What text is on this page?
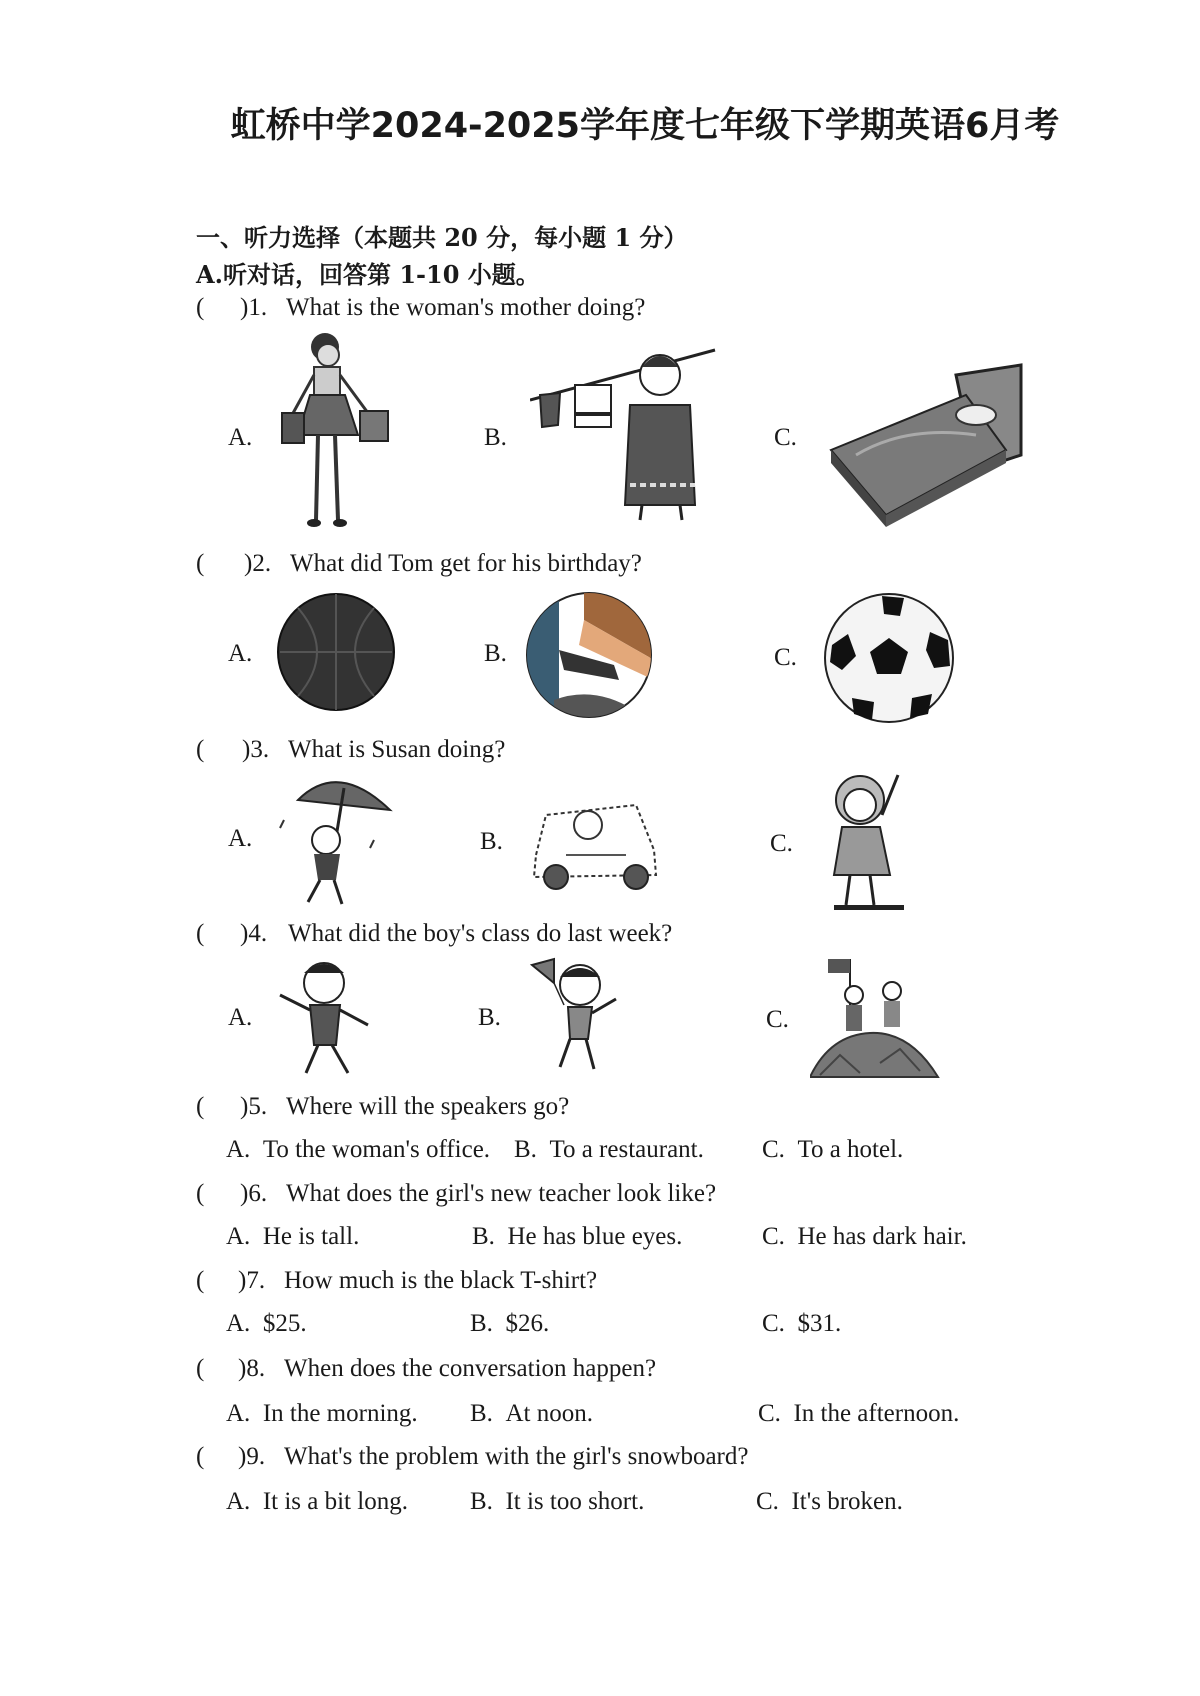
虹桥中学2024-2025学年度七年级下学期英语6月考
一、听力选择（本题共 20 分，每小题 1 分）
A.听对话，回答第 1-10 小题。
( )1. What is the woman's mother doing?
A.	B.	C.
( )2. What did Tom get for his birthday?
A.	B.	C.
( )3. What is Susan doing?
A.	B.	C.
( )4. What did the boy's class do last week?
A.	B.	C.
( )5. Where will the speakers go?
A. To the woman's office. B. To a restaurant. C. To a hotel.
( )6. What does the girl's new teacher look like?
A. He is tall.	B. He has blue eyes.	C. He has dark hair.
( )7. How much is the black T-shirt?
A. $25.	B. $26.	C. $31.
( )8. When does the conversation happen?
A. In the morning. B. At noon.	C. In the afternoon.
( )9. What's the problem with the girl's snowboard?
A. It is a bit long. B. It is too short.	C. It's broken.
